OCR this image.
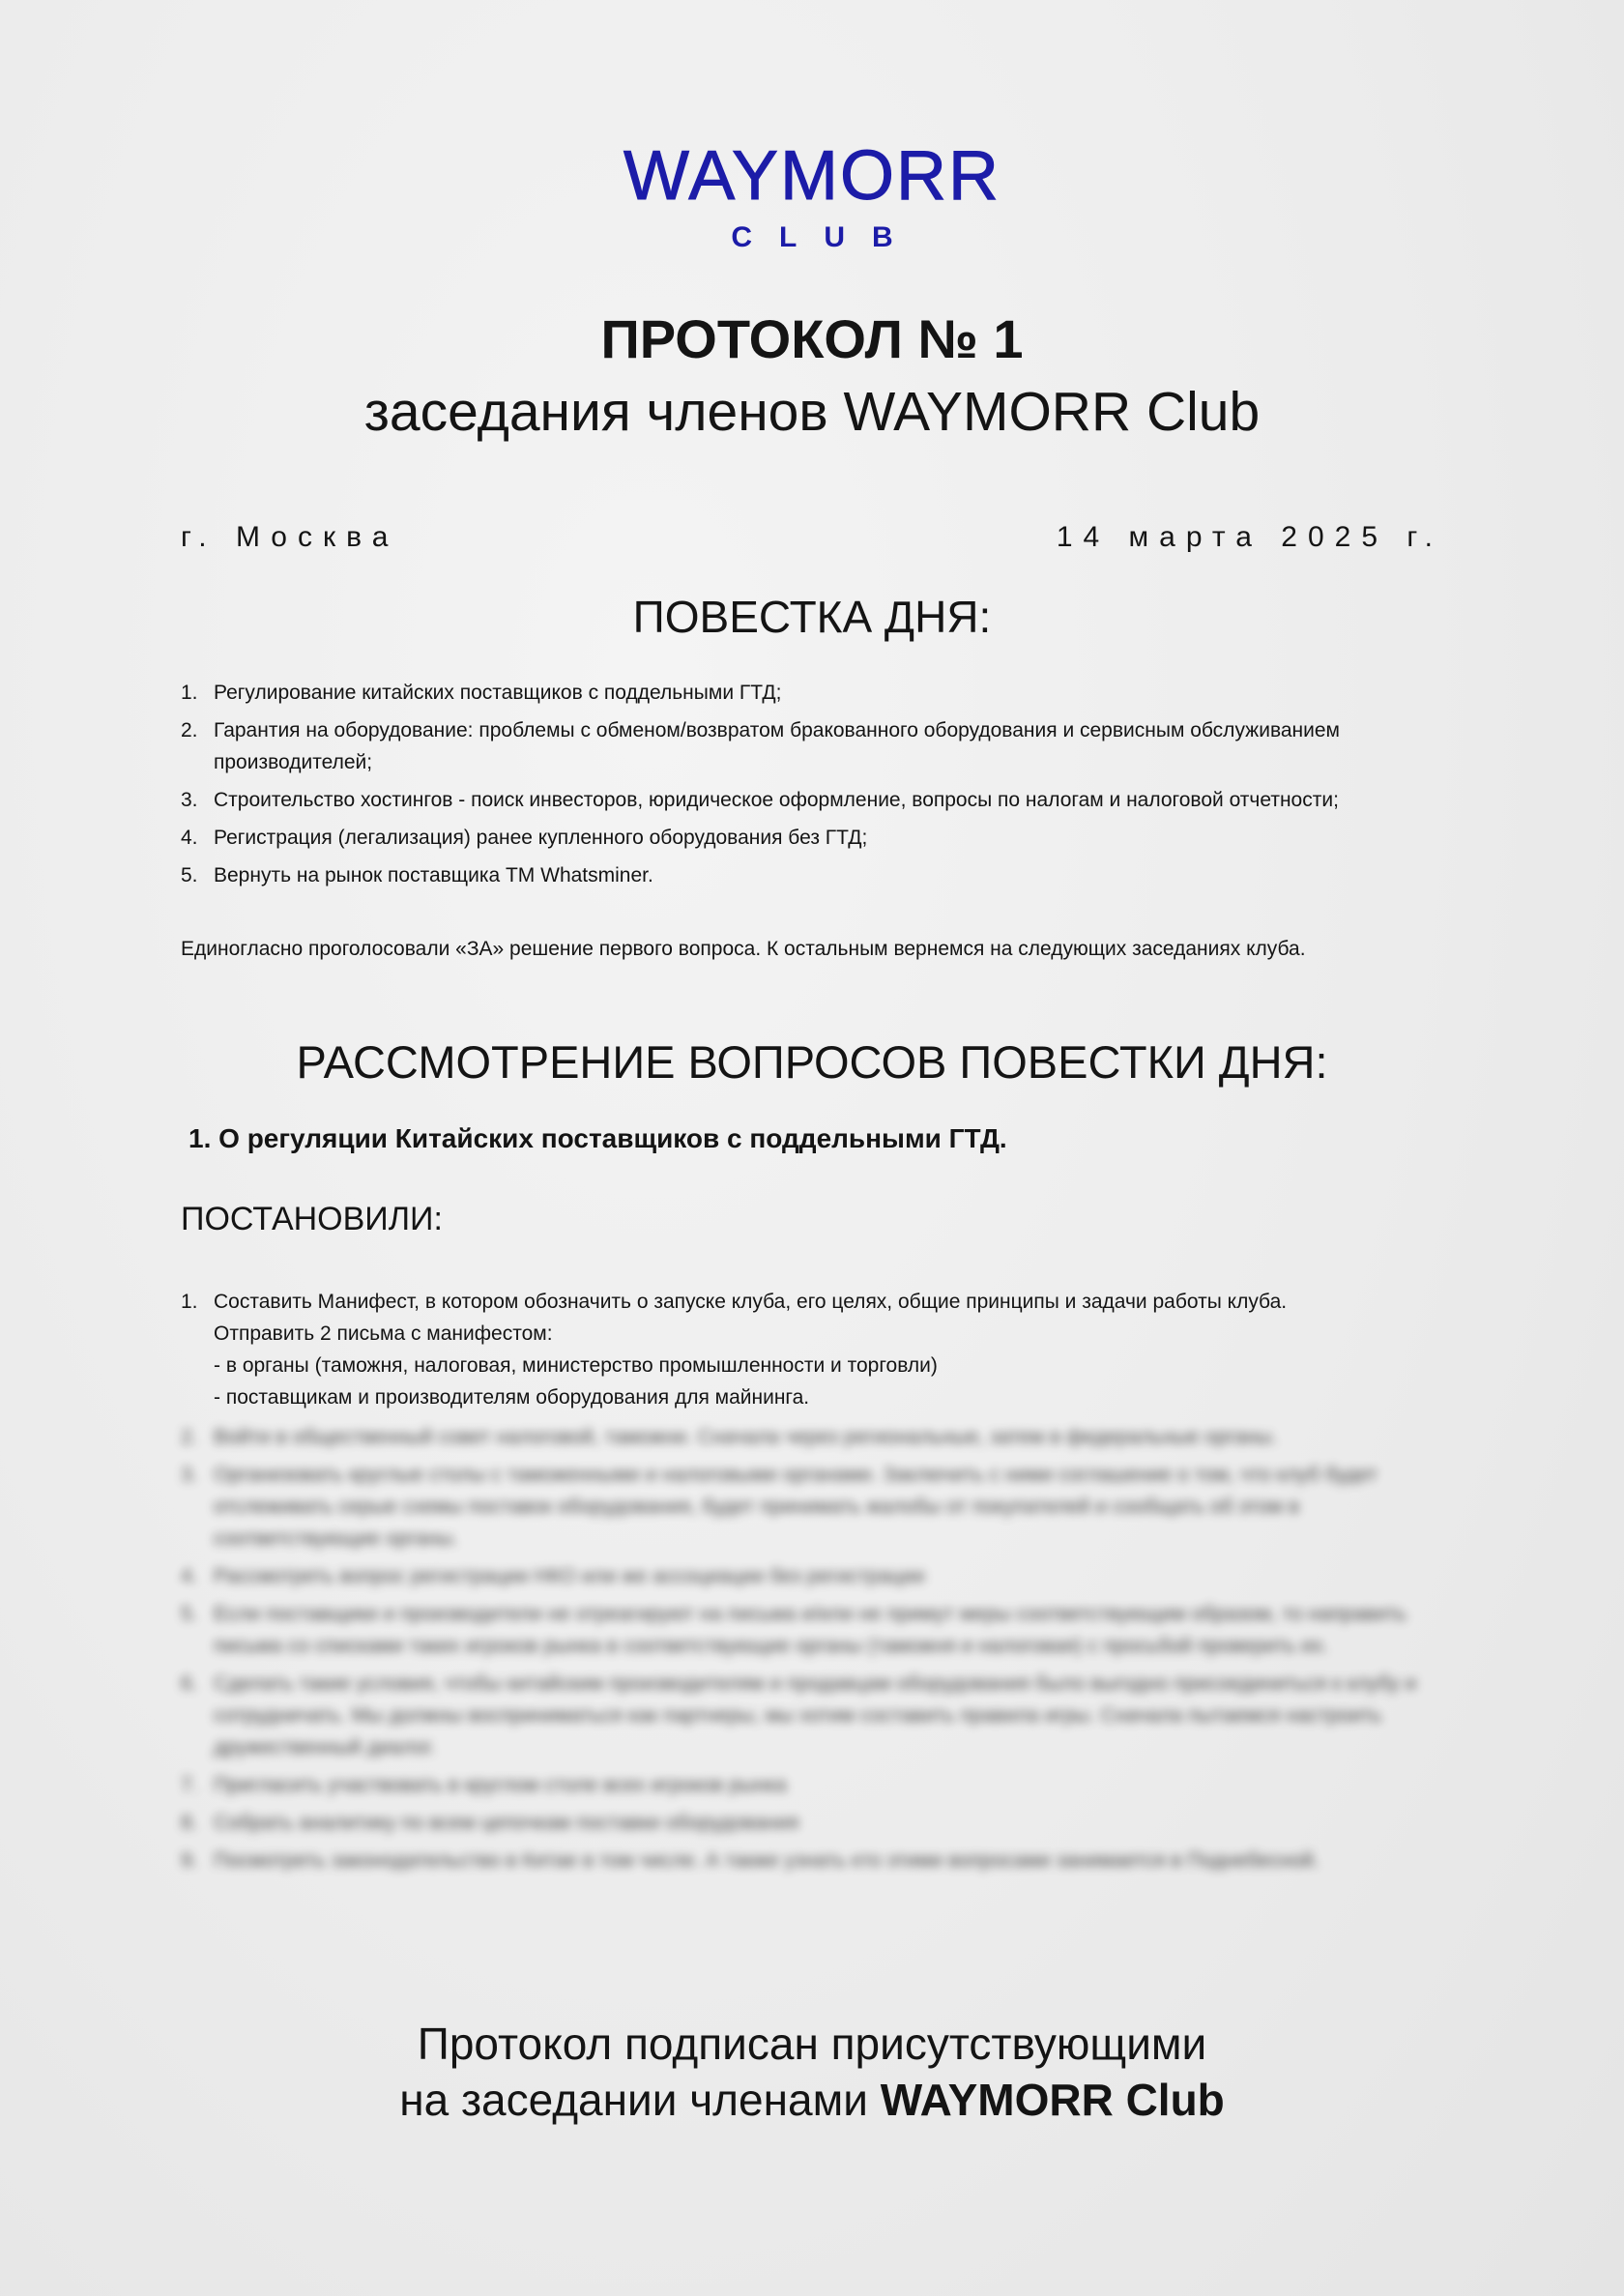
WAYMORR
CLUB
ПРОТОКОЛ № 1
заседания членов WAYMORR Club
г. Москва	14 марта 2025 г.
ПОВЕСТКА ДНЯ:
1. Регулирование китайских поставщиков с поддельными ГТД;
2. Гарантия на оборудование: проблемы с обменом/возвратом бракованного оборудования и сервисным обслуживанием производителей;
3. Строительство хостингов - поиск инвесторов, юридическое оформление, вопросы по налогам и налоговой отчетности;
4. Регистрация (легализация) ранее купленного оборудования без ГТД;
5. Вернуть на рынок поставщика ТМ Whatsminer.
Единогласно проголосовали «ЗА» решение первого вопроса. К остальным вернемся на следующих заседаниях клуба.
РАССМОТРЕНИЕ ВОПРОСОВ ПОВЕСТКИ ДНЯ:
1. О регуляции Китайских поставщиков с поддельными ГТД.
ПОСТАНОВИЛИ:
1. Составить Манифест, в котором обозначить о запуске клуба, его целях, общие принципы и задачи работы клуба.
Отправить 2 письма с манифестом:
- в органы (таможня, налоговая, министерство промышленности и торговли)
- поставщикам и производителям оборудования для майнинга.
2. Войти в общественный совет налоговой, таможни. Сначала через региональные, затем в федеральные органы.
3. Организовать круглые столы с таможенными и налоговыми органами. Заключить с ними соглашение о том, что клуб будет отслеживать серые схемы поставок оборудования, будет принимать жалобы от покупателей и сообщать об этом в соответствующие органы.
4. Рассмотреть вопрос регистрации НКО или же ассоциации без регистрации
5. Если поставщики и производители не отреагируют на письма и/или не примут меры соответствующим образом, то направить письма со списками таких игроков рынка в соответствующие органы (таможня и налоговая) с просьбой проверить их.
6. Сделать такие условия, чтобы китайским производителям и продавцам оборудования было выгодно присоединиться к клубу и сотрудничать. Мы должны восприниматься как партнеры, мы хотим составить правила игры. Сначала пытаемся настроить дружественный диалог.
7. Пригласить участвовать в круглом столе всех игроков рынка
8. Собрать аналитику по всем цепочкам поставки оборудования
9. Посмотреть законодательство в Китае в том числе. А также узнать кто этими вопросами занимается в Поднебесной.
Протокол подписан присутствующими
на заседании членами WAYMORR Club
